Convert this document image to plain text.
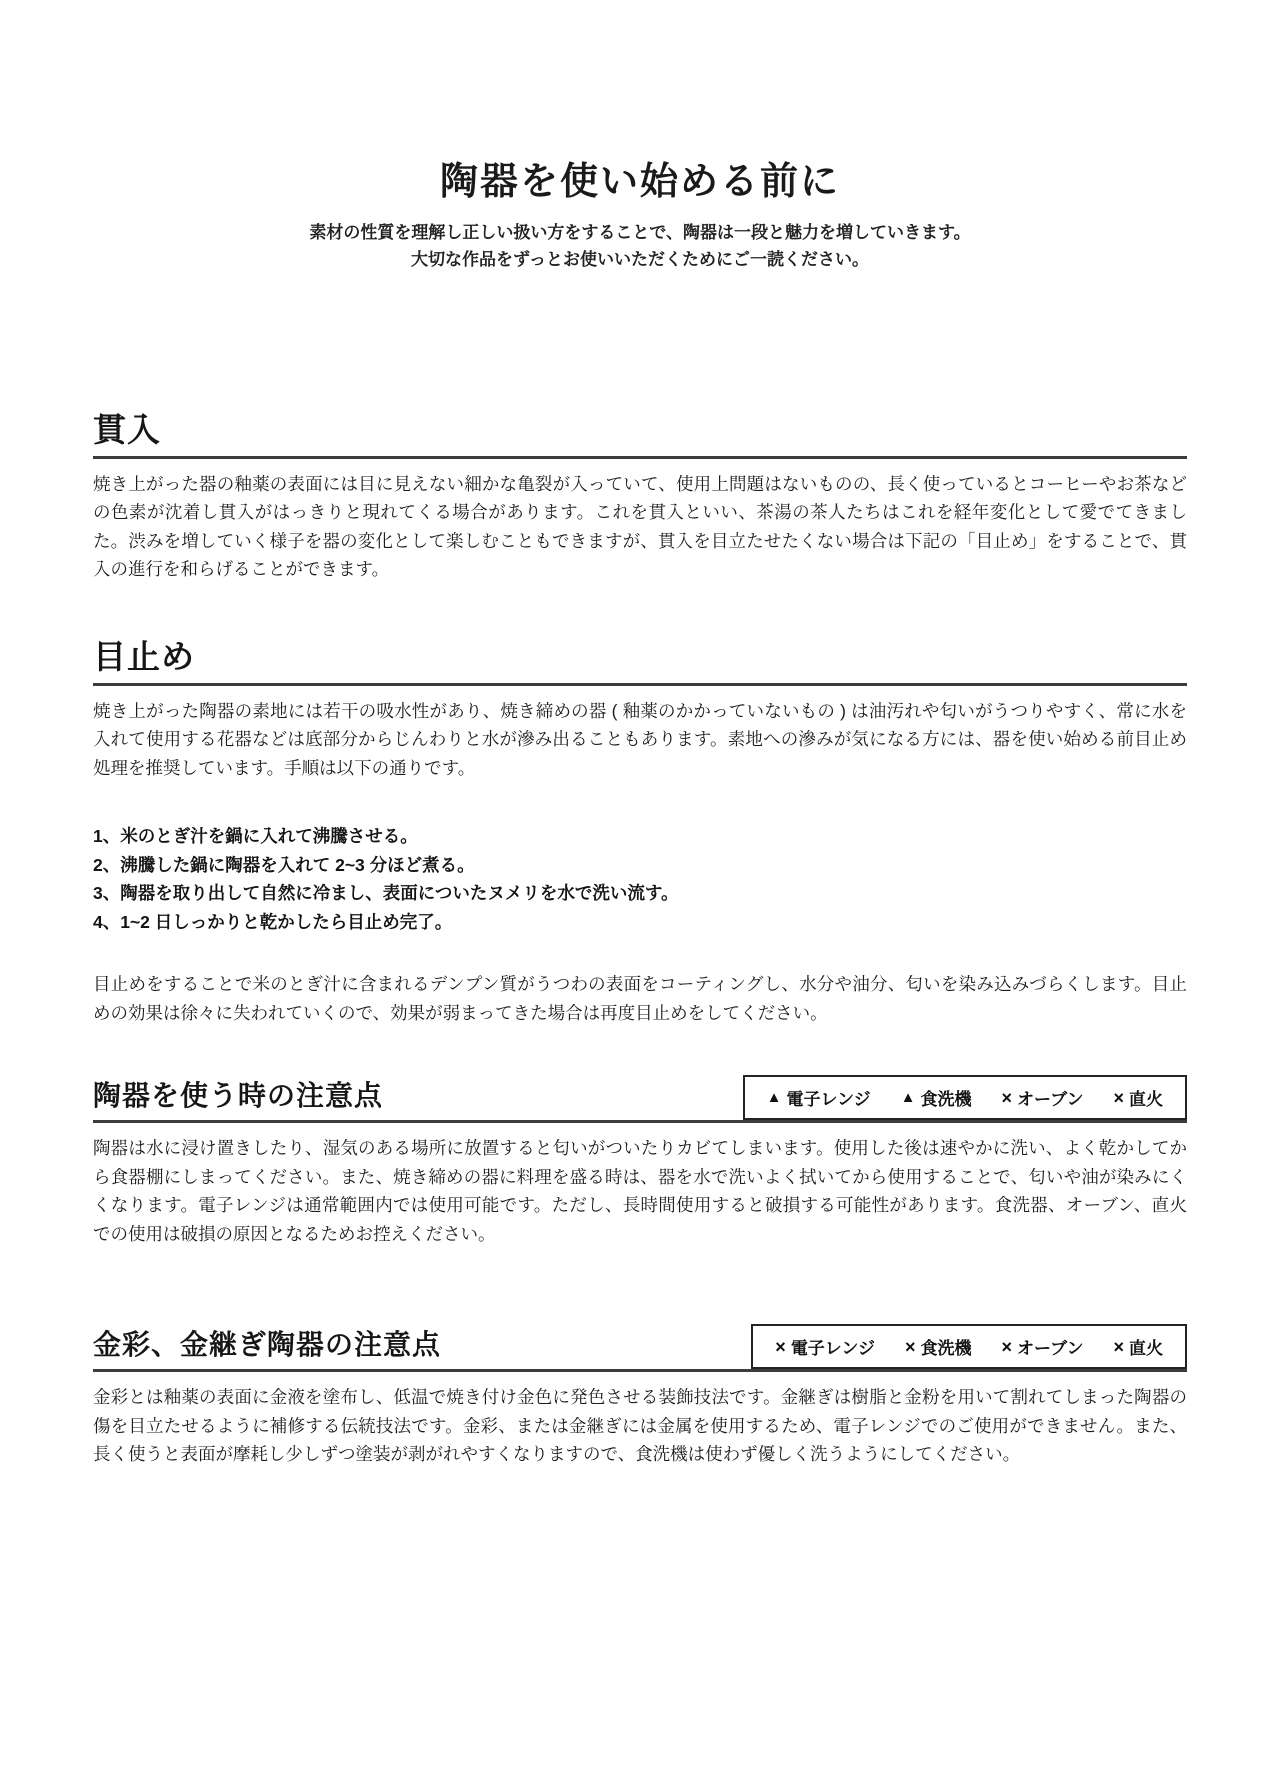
陶器を使い始める前に
素材の性質を理解し正しい扱い方をすることで、陶器は一段と魅力を増していきます。
大切な作品をずっとお使いいただくためにご一読ください。
貫入

焼き上がった器の釉薬の表面には目に見えない細かな亀裂が入っていて、使用上問題はないものの、長く使っているとコーヒーやお茶などの色素が沈着し貫入がはっきりと現れてくる場合があります。これを貫入といい、茶湯の茶人たちはこれを経年変化として愛でてきました。渋みを増していく様子を器の変化として楽しむこともできますが、貫入を目立たせたくない場合は下記の「目止め」をすることで、貫入の進行を和らげることができます。

目止め

焼き上がった陶器の素地には若干の吸水性があり、焼き締めの器 ( 釉薬のかかっていないもの ) は油汚れや匂いがうつりやすく、常に水を入れて使用する花器などは底部分からじんわりと水が滲み出ることもあります。素地への滲みが気になる方には、器を使い始める前目止め処理を推奨しています。手順は以下の通りです。

1、米のとぎ汁を鍋に入れて沸騰させる。
2、沸騰した鍋に陶器を入れて 2~3 分ほど煮る。
3、陶器を取り出して自然に冷まし、表面についたヌメリを水で洗い流す。
4、1~2 日しっかりと乾かしたら目止め完了。

目止めをすることで米のとぎ汁に含まれるデンプン質がうつわの表面をコーティングし、水分や油分、匂いを染み込みづらくします。目止めの効果は徐々に失われていくので、効果が弱まってきた場合は再度目止めをしてください。

陶器を使う時の注意点	▲ 電子レンジ ▲ 食洗機 × オーブン × 直火

陶器は水に浸け置きしたり、湿気のある場所に放置すると匂いがついたりカビてしまいます。使用した後は速やかに洗い、よく乾かしてから食器棚にしまってください。また、焼き締めの器に料理を盛る時は、器を水で洗いよく拭いてから使用することで、匂いや油が染みにくくなります。電子レンジは通常範囲内では使用可能です。ただし、長時間使用すると破損する可能性があります。食洗器、オーブン、直火での使用は破損の原因となるためお控えください。

金彩、金継ぎ陶器の注意点	× 電子レンジ × 食洗機 × オーブン × 直火

金彩とは釉薬の表面に金液を塗布し、低温で焼き付け金色に発色させる装飾技法です。金継ぎは樹脂と金粉を用いて割れてしまった陶器の傷を目立たせるように補修する伝統技法です。金彩、または金継ぎには金属を使用するため、電子レンジでのご使用ができません。また、長く使うと表面が摩耗し少しずつ塗装が剥がれやすくなりますので、食洗機は使わず優しく洗うようにしてください。
